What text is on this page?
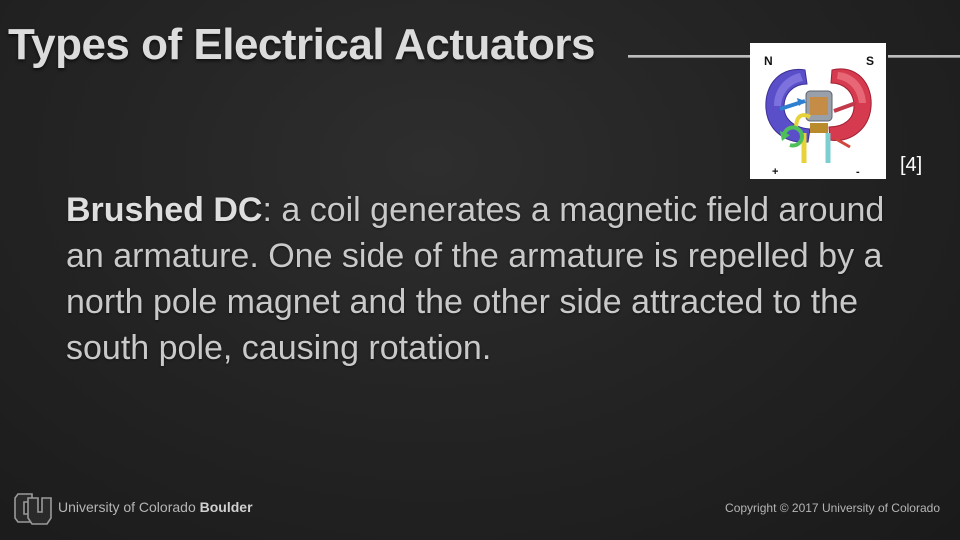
Types of Electrical Actuators	N	S
+	- [4]

Brushed DC: a coil generates a magnetic field around an armature. One side of the armature is repelled by a north pole magnet and the other side attracted to the south pole, causing rotation.

University of Colorado Boulder	Copyright © 2017 University of Colorado
